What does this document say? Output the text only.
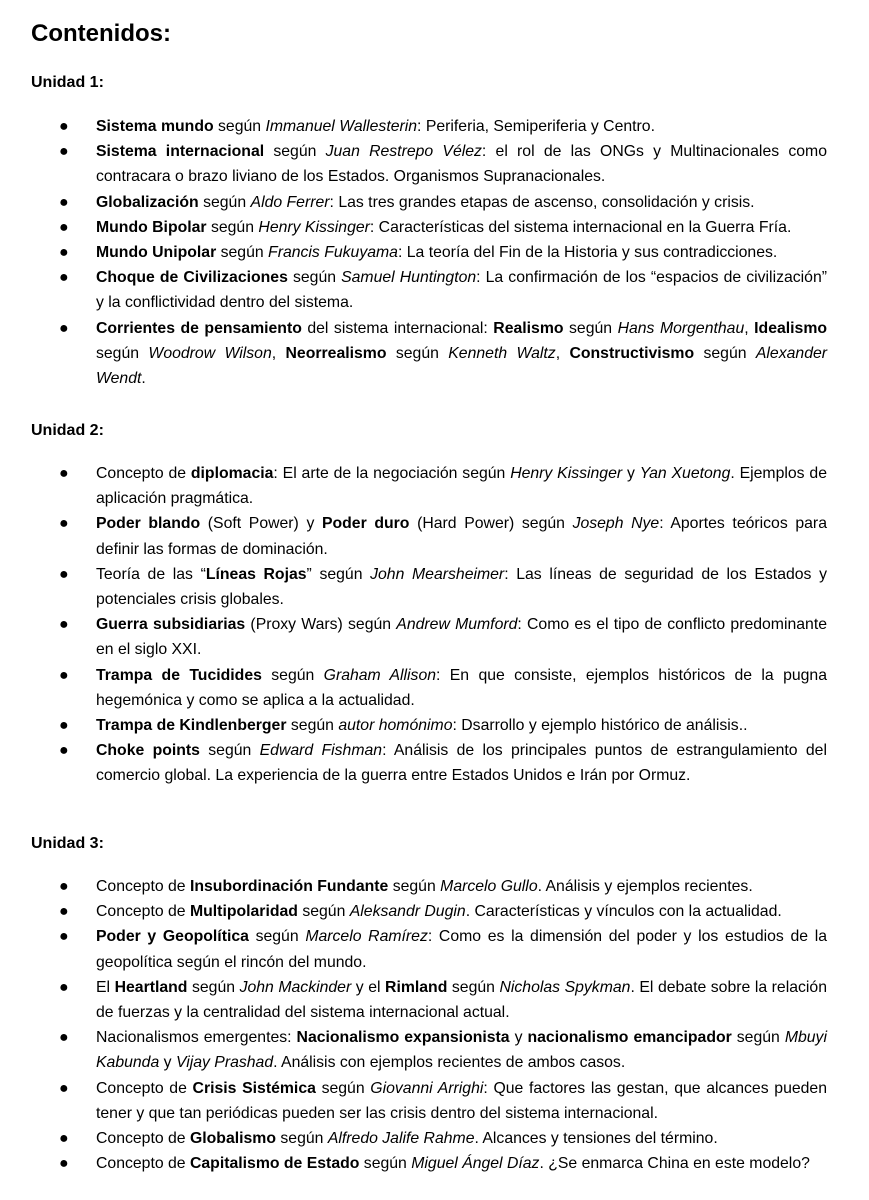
Contenidos:
Unidad 1:
● Sistema mundo según Immanuel Wallesterin: Periferia, Semiperiferia y Centro.
● Sistema internacional según Juan Restrepo Vélez: el rol de las ONGs y Multinacionales como contracara o brazo liviano de los Estados. Organismos Supranacionales.
● Globalización según Aldo Ferrer: Las tres grandes etapas de ascenso, consolidación y crisis.
● Mundo Bipolar según Henry Kissinger: Características del sistema internacional en la Guerra Fría.
● Mundo Unipolar según Francis Fukuyama: La teoría del Fin de la Historia y sus contradicciones.
● Choque de Civilizaciones según Samuel Huntington: La confirmación de los “espacios de civilización” y la conflictividad dentro del sistema.
● Corrientes de pensamiento del sistema internacional: Realismo según Hans Morgenthau, Idealismo según Woodrow Wilson, Neorrealismo según Kenneth Waltz, Constructivismo según Alexander Wendt.
Unidad 2:
● Concepto de diplomacia: El arte de la negociación según Henry Kissinger y Yan Xuetong. Ejemplos de aplicación pragmática.
● Poder blando (Soft Power) y Poder duro (Hard Power) según Joseph Nye: Aportes teóricos para definir las formas de dominación.
● Teoría de las “Líneas Rojas” según John Mearsheimer: Las líneas de seguridad de los Estados y potenciales crisis globales.
● Guerra subsidiarias (Proxy Wars) según Andrew Mumford: Como es el tipo de conflicto predominante en el siglo XXI.
● Trampa de Tucidides según Graham Allison: En que consiste, ejemplos históricos de la pugna hegemónica y como se aplica a la actualidad.
● Trampa de Kindlenberger según autor homónimo: Dsarrollo y ejemplo histórico de análisis..
● Choke points según Edward Fishman: Análisis de los principales puntos de estrangulamiento del comercio global. La experiencia de la guerra entre Estados Unidos e Irán por Ormuz.
Unidad 3:
● Concepto de Insubordinación Fundante según Marcelo Gullo. Análisis y ejemplos recientes.
● Concepto de Multipolaridad según Aleksandr Dugin. Características y vínculos con la actualidad.
● Poder y Geopolítica según Marcelo Ramírez: Como es la dimensión del poder y los estudios de la geopolítica según el rincón del mundo.
● El Heartland según John Mackinder y el Rimland según Nicholas Spykman. El debate sobre la relación de fuerzas y la centralidad del sistema internacional actual.
● Nacionalismos emergentes: Nacionalismo expansionista y nacionalismo emancipador según Mbuyi Kabunda y Vijay Prashad. Análisis con ejemplos recientes de ambos casos.
● Concepto de Crisis Sistémica según Giovanni Arrighi: Que factores las gestan, que alcances pueden tener y que tan periódicas pueden ser las crisis dentro del sistema internacional.
● Concepto de Globalismo según Alfredo Jalife Rahme. Alcances y tensiones del término.
● Concepto de Capitalismo de Estado según Miguel Ángel Díaz. ¿Se enmarca China en este modelo?
